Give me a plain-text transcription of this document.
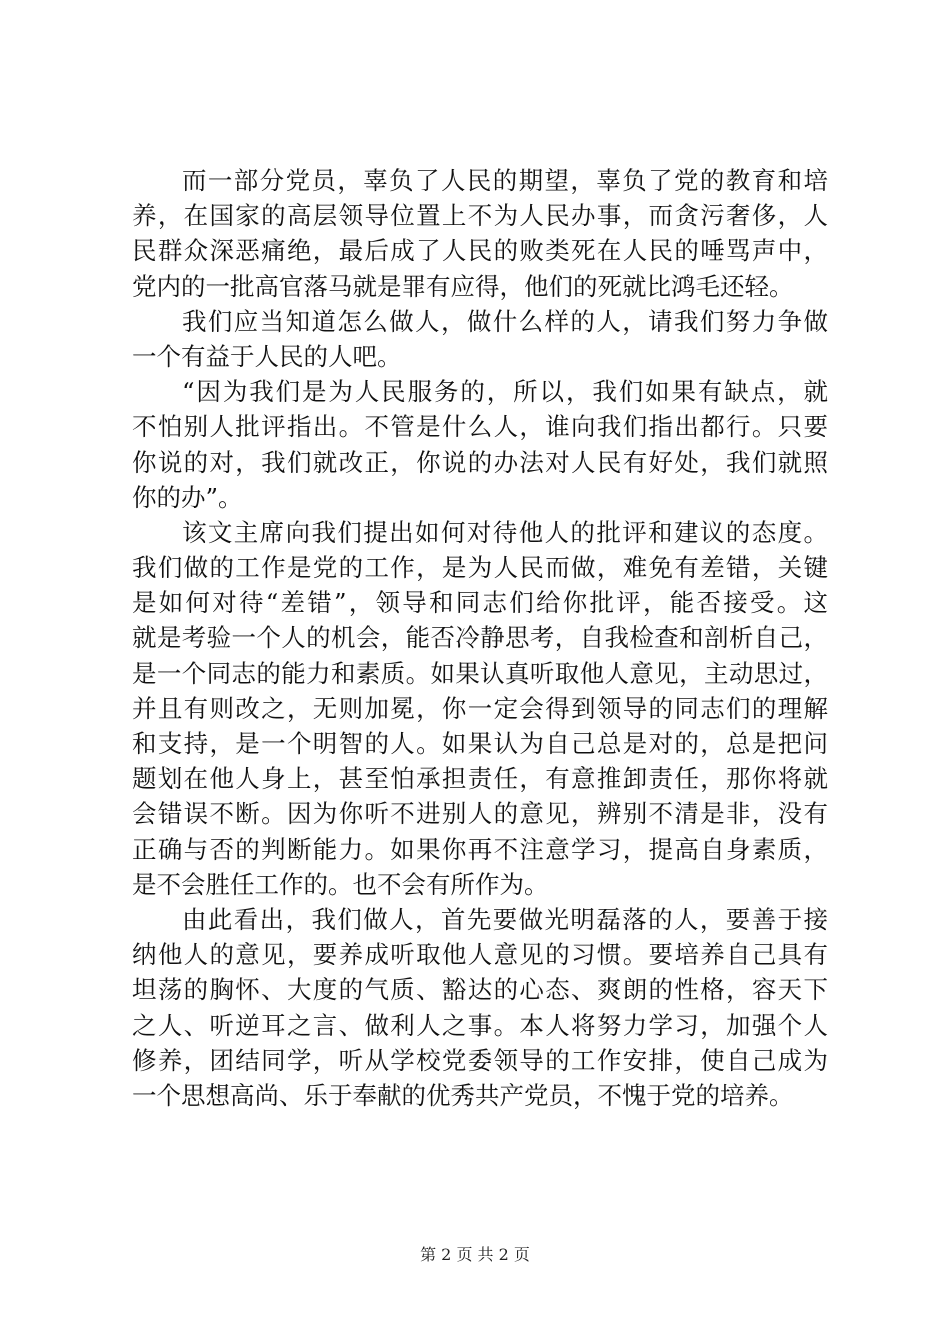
而一部分党员，辜负了人民的期望，辜负了党的教育和培
养，在国家的高层领导位置上不为人民办事，而贪污奢侈，人
民群众深恶痛绝，最后成了人民的败类死在人民的唾骂声中，
党内的一批高官落马就是罪有应得，他们的死就比鸿毛还轻。
我们应当知道怎么做人，做什么样的人，请我们努力争做
一个有益于人民的人吧。
“因为我们是为人民服务的，所以，我们如果有缺点，就
不怕别人批评指出。不管是什么人，谁向我们指出都行。只要
你说的对，我们就改正，你说的办法对人民有好处，我们就照
你的办”。
该文主席向我们提出如何对待他人的批评和建议的态度。
我们做的工作是党的工作，是为人民而做，难免有差错，关键
是如何对待“差错”，领导和同志们给你批评，能否接受。这
就是考验一个人的机会，能否冷静思考，自我检查和剖析自己，
是一个同志的能力和素质。如果认真听取他人意见，主动思过，
并且有则改之，无则加冕，你一定会得到领导的同志们的理解
和支持，是一个明智的人。如果认为自己总是对的，总是把问
题划在他人身上，甚至怕承担责任，有意推卸责任，那你将就
会错误不断。因为你听不进别人的意见，辨别不清是非，没有
正确与否的判断能力。如果你再不注意学习，提高自身素质，
是不会胜任工作的。也不会有所作为。
由此看出，我们做人，首先要做光明磊落的人，要善于接
纳他人的意见，要养成听取他人意见的习惯。要培养自己具有
坦荡的胸怀、大度的气质、豁达的心态、爽朗的性格，容天下
之人、听逆耳之言、做利人之事。本人将努力学习，加强个人
修养，团结同学，听从学校党委领导的工作安排，使自己成为
一个思想高尚、乐于奉献的优秀共产党员，不愧于党的培养。
第 2 页 共 2 页
